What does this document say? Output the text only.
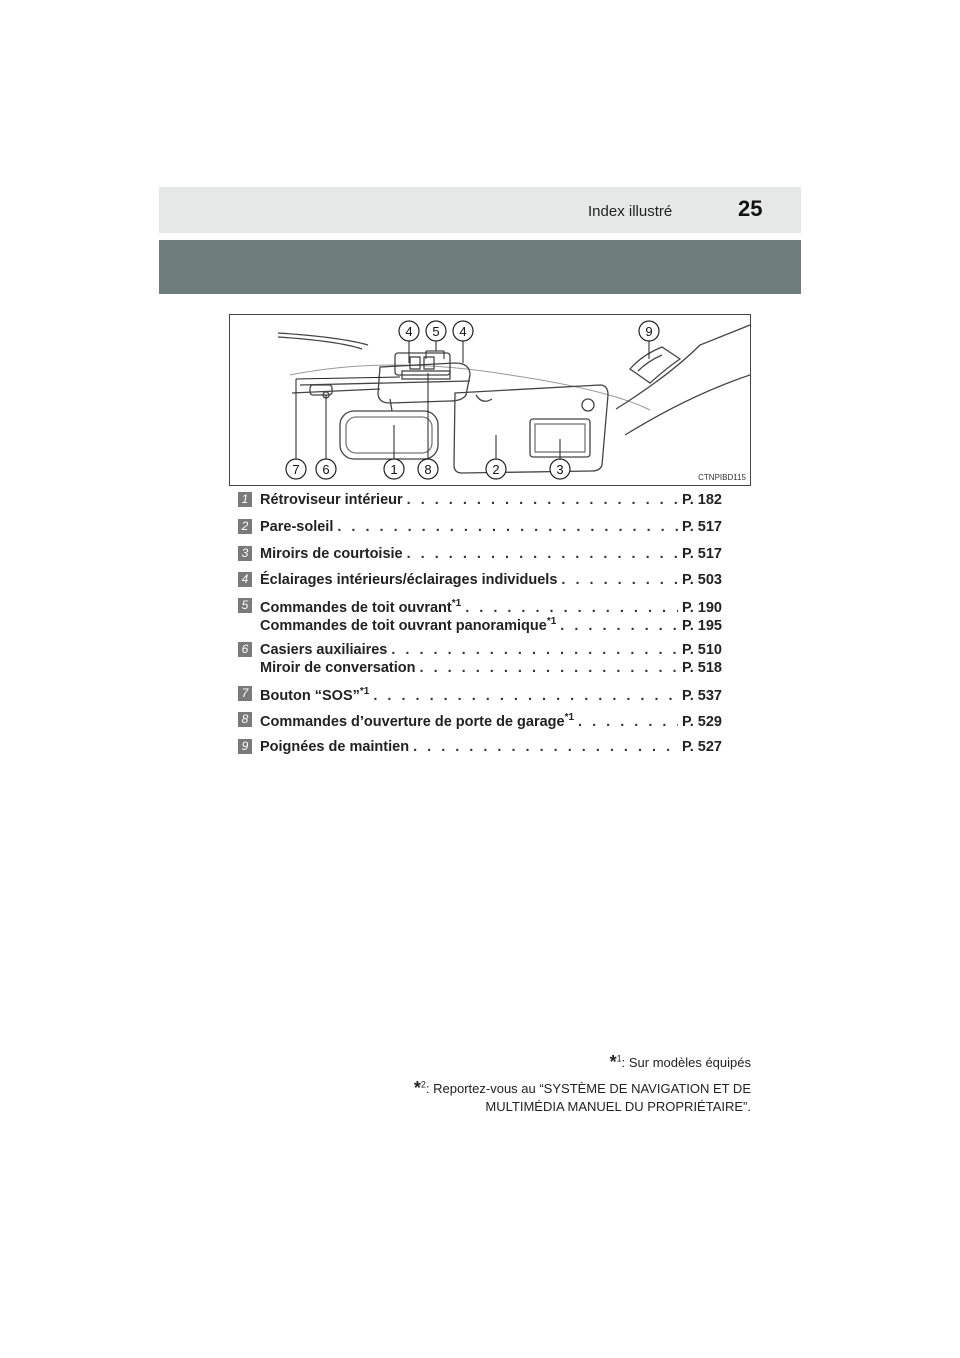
Index illustré	25
4 5 4	9
7 6	1 8	2	3
CTNPIBD115
1 Rétroviseur intérieur . . .	P. 182
2 Pare-soleil . . .	P. 517
3 Miroirs de courtoisie . . .	P. 517
4 Éclairages intérieurs/éclairages individuels . . .	P. 503
5 Commandes de toit ouvrant$^{*1}$ . . .	P. 190
Commandes de toit ouvrant panoramique$^{*1}$ . . .	P. 195
6 Casiers auxiliaires . . .	P. 510
Miroir de conversation . . .	P. 518
7 Bouton “SOS”$^{*1}$ . . .	P. 537
8 Commandes d’ouverture de porte de garage$^{*1}$ . . .	P. 529
9 Poignées de maintien . . .	P. 527
*$^1$: Sur modèles équipés
*$^2$: Reportez-vous au “SYSTÈME DE NAVIGATION ET DE
MULTIMÉDIA MANUEL DU PROPRIÉTAIRE”.
